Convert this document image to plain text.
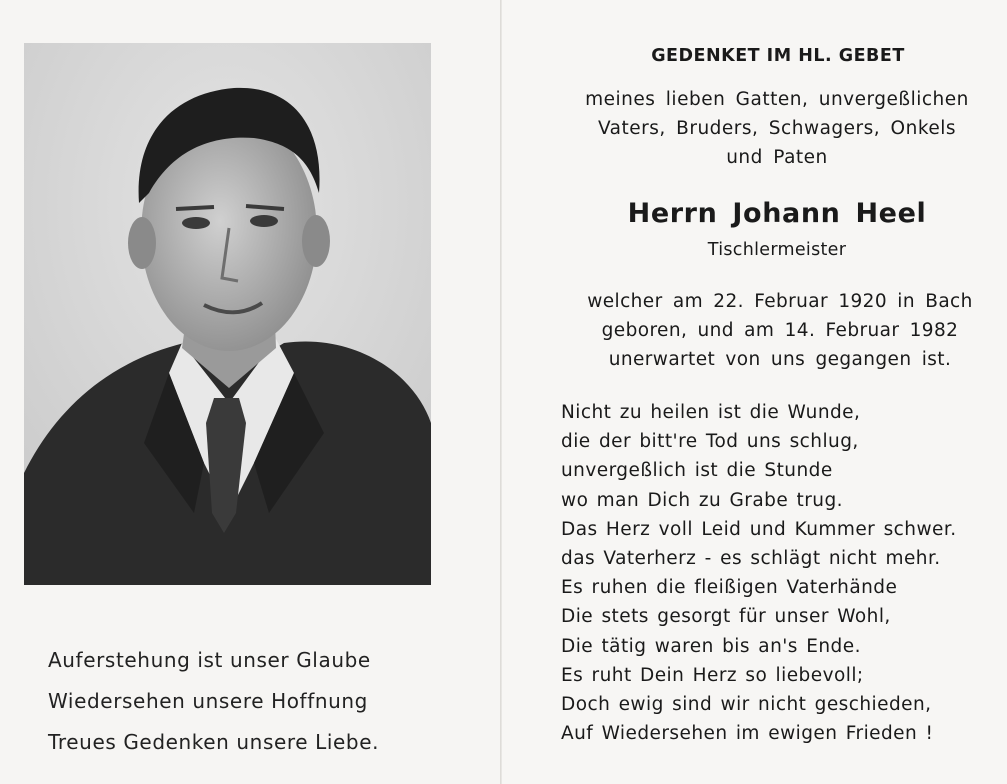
Auferstehung ist unser Glaube
Wiedersehen unsere Hoffnung
Treues Gedenken unsere Liebe.
GEDENKET IM HL. GEBET
meines lieben Gatten, unvergeßlichen
Vaters, Bruders, Schwagers, Onkels
und Paten
Herrn Johann Heel
Tischlermeister
welcher am 22. Februar 1920 in Bach
geboren, und am 14. Februar 1982
unerwartet von uns gegangen ist.
Nicht zu heilen ist die Wunde,
die der bitt're Tod uns schlug,
unvergeßlich ist die Stunde
wo man Dich zu Grabe trug.
Das Herz voll Leid und Kummer schwer.
das Vaterherz - es schlägt nicht mehr.
Es ruhen die fleißigen Vaterhände
Die stets gesorgt für unser Wohl,
Die tätig waren bis an's Ende.
Es ruht Dein Herz so liebevoll;
Doch ewig sind wir nicht geschieden,
Auf Wiedersehen im ewigen Frieden !
